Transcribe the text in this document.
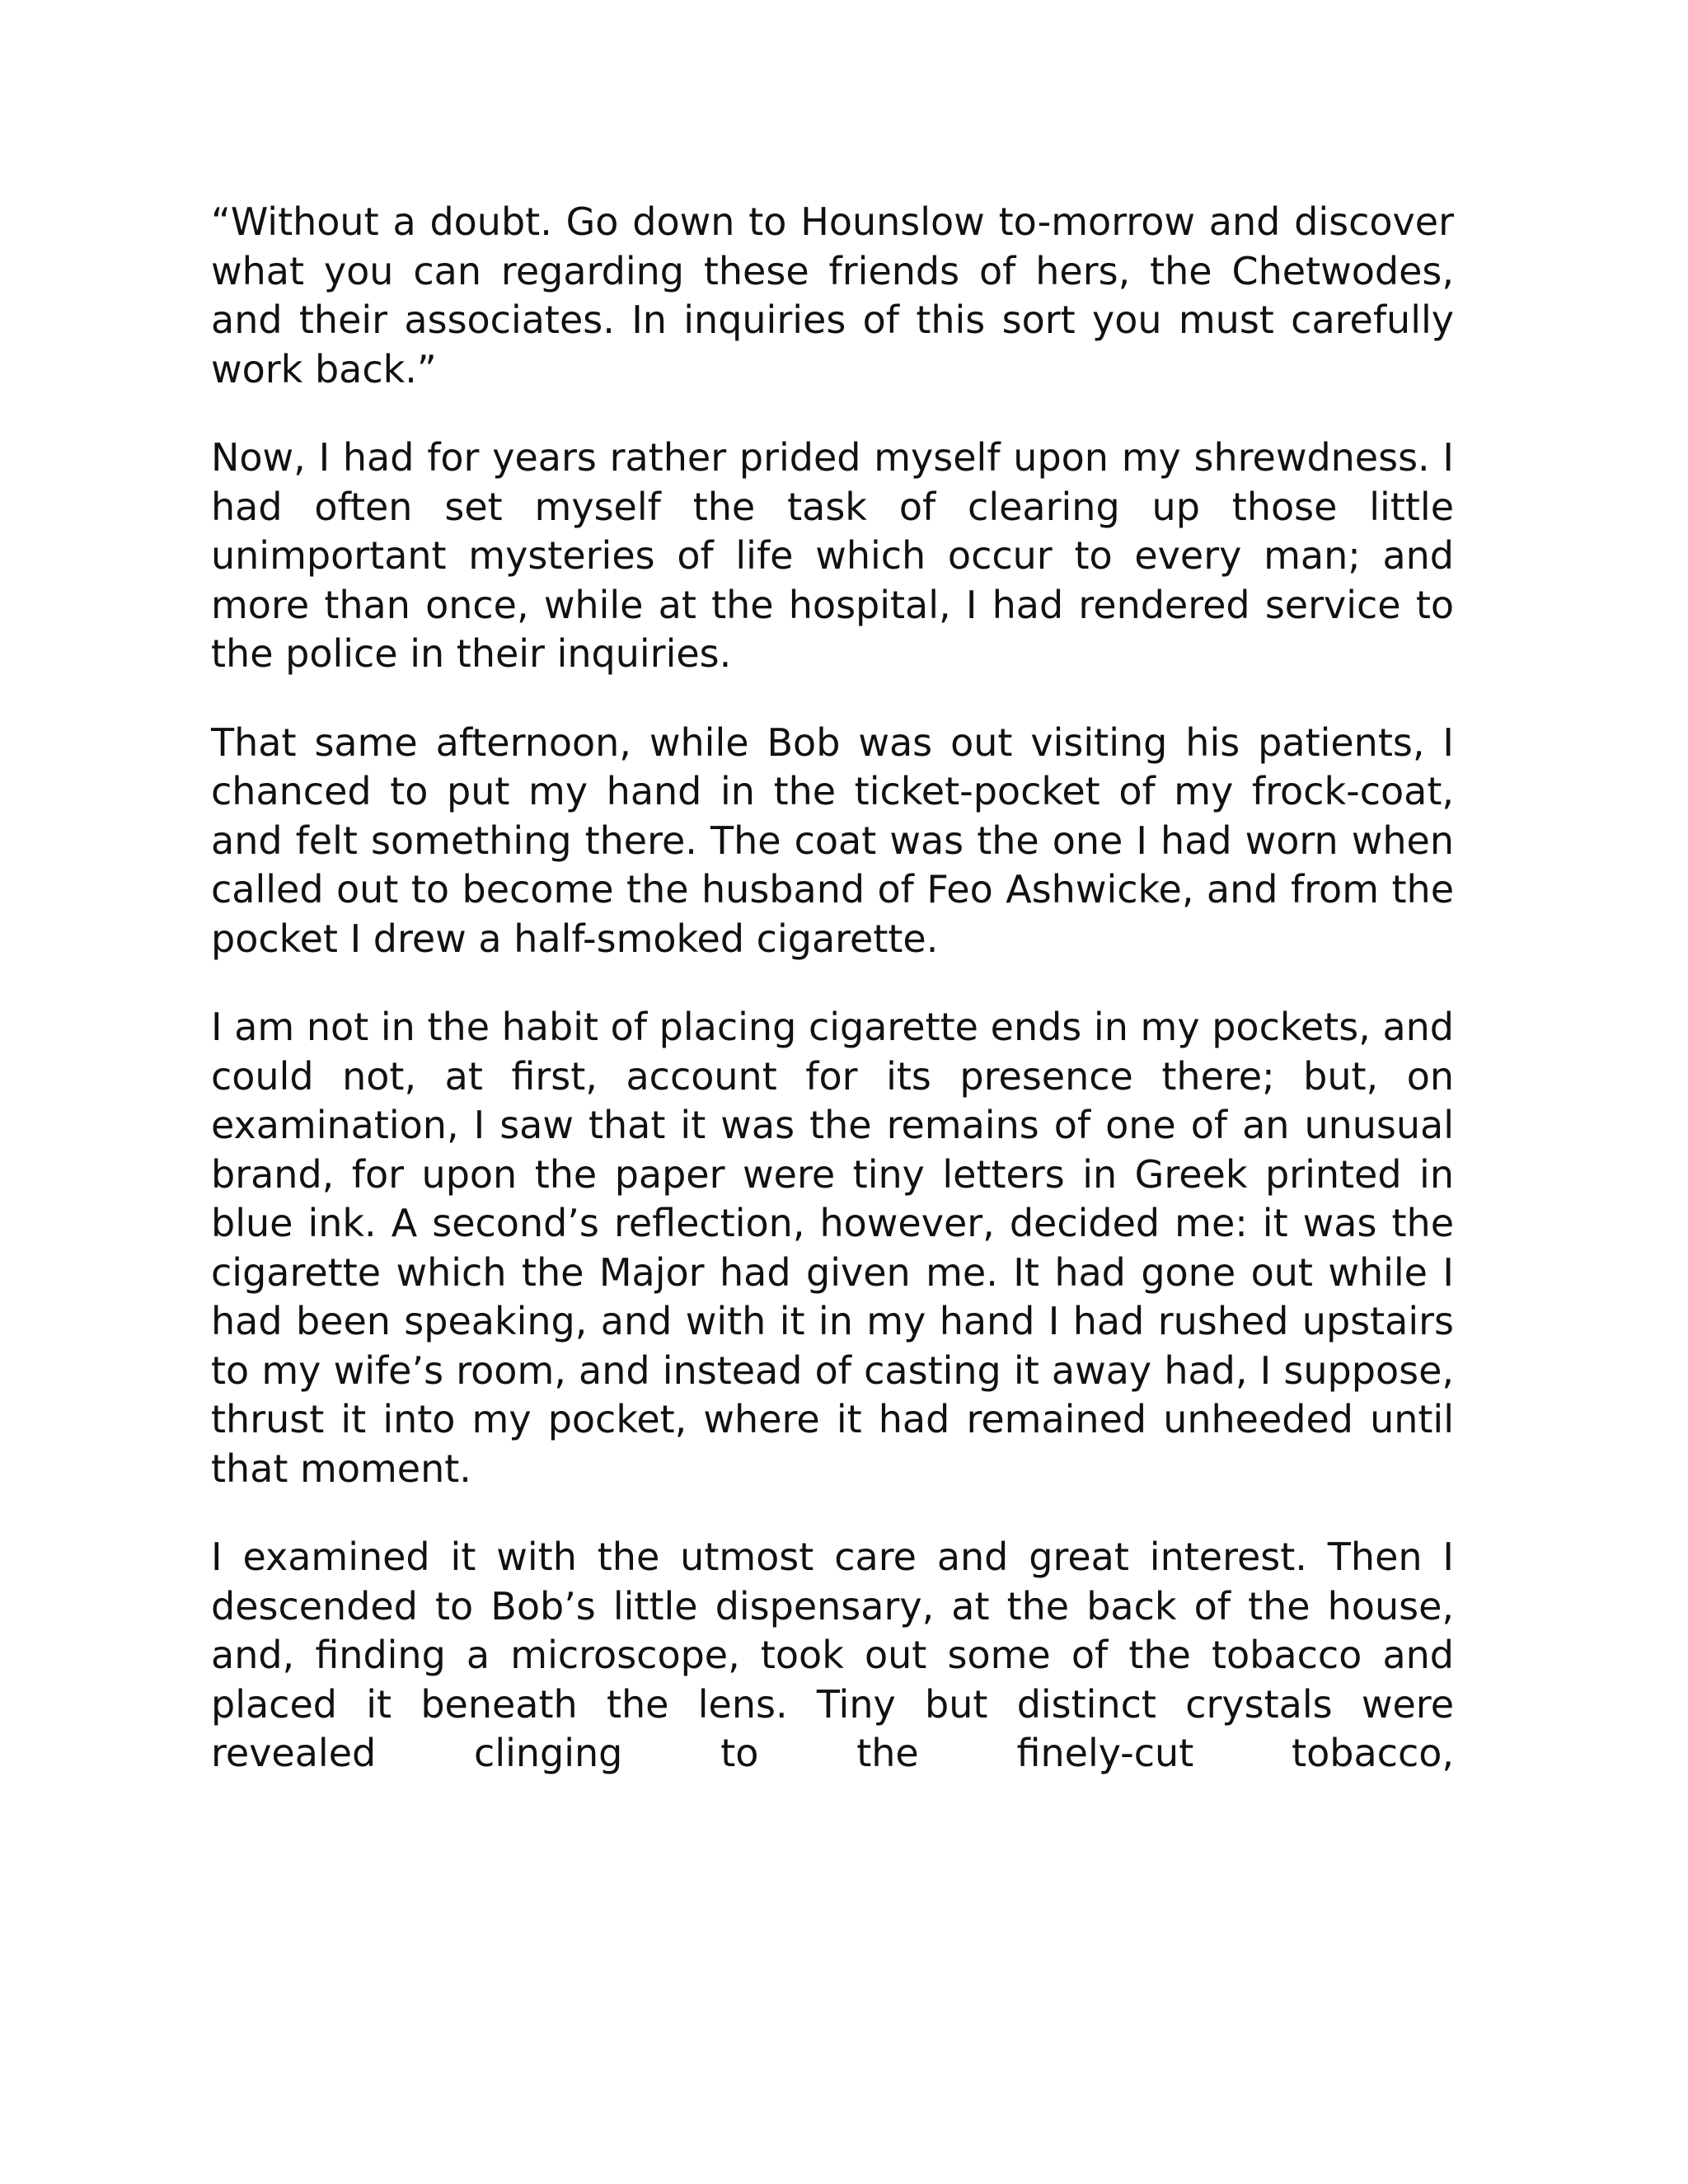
“Without a doubt. Go down to Hounslow to-morrow and discover what you can regarding these friends of hers, the Chetwodes, and their associates. In inquiries of this sort you must carefully work back.”

Now, I had for years rather prided myself upon my shrewdness. I had often set myself the task of clearing up those little unimportant mysteries of life which occur to every man; and more than once, while at the hospital, I had rendered service to the police in their inquiries.

That same afternoon, while Bob was out visiting his patients, I chanced to put my hand in the ticket-pocket of my frock-coat, and felt something there. The coat was the one I had worn when called out to become the husband of Feo Ashwicke, and from the pocket I drew a half-smoked cigarette.

I am not in the habit of placing cigarette ends in my pockets, and could not, at first, account for its presence there; but, on examination, I saw that it was the remains of one of an unusual brand, for upon the paper were tiny letters in Greek printed in blue ink. A second’s reflection, however, decided me: it was the cigarette which the Major had given me. It had gone out while I had been speaking, and with it in my hand I had rushed upstairs to my wife’s room, and instead of casting it away had, I suppose, thrust it into my pocket, where it had remained unheeded until that moment.

I examined it with the utmost care and great interest. Then I descended to Bob’s little dispensary, at the back of the house, and, finding a microscope, took out some of the tobacco and placed it beneath the lens. Tiny but distinct crystals were revealed clinging to the finely-cut tobacco,
